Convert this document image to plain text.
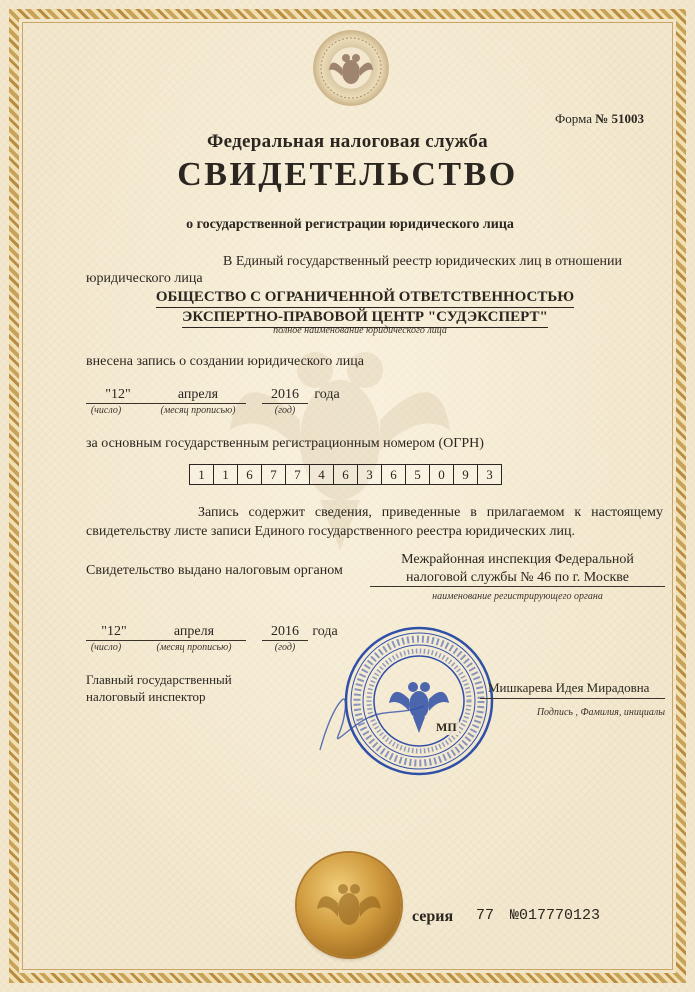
Форма № 51003
Федеральная налоговая служба
СВИДЕТЕЛЬСТВО
о государственной регистрации юридического лица
В Единый государственный реестр юридических лиц в отношении
юридического лица
ОБЩЕСТВО С ОГРАНИЧЕННОЙ ОТВЕТСТВЕННОСТЬЮ
ЭКСПЕРТНО-ПРАВОВОЙ ЦЕНТР "СУДЭКСПЕРТ"
полное наименование юридического лица
внесена запись о создании юридического лица
"12"	апреля	2016	года
(число)	(месяц прописью)	(год)
за основным государственным регистрационным номером (ОГРН)
1	1	6	7	7	4	6	3	6	5	0	9	3
Запись содержит сведения, приведенные в прилагаемом к настоящему свидетельству листе записи Единого государственного реестра юридических лиц.
Свидетельство выдано налоговым органом
Межрайонная инспекция Федеральной
налоговой службы № 46 по г. Москве
наименование регистрирующего органа
"12"	апреля	2016 года
(число)	(месяц прописью)	(год)
Главный государственный
налоговый инспектор
МП
Мишкарева Идея Мирадовна
Подпись , Фамилия, инициалы
серия 77 №017770123
